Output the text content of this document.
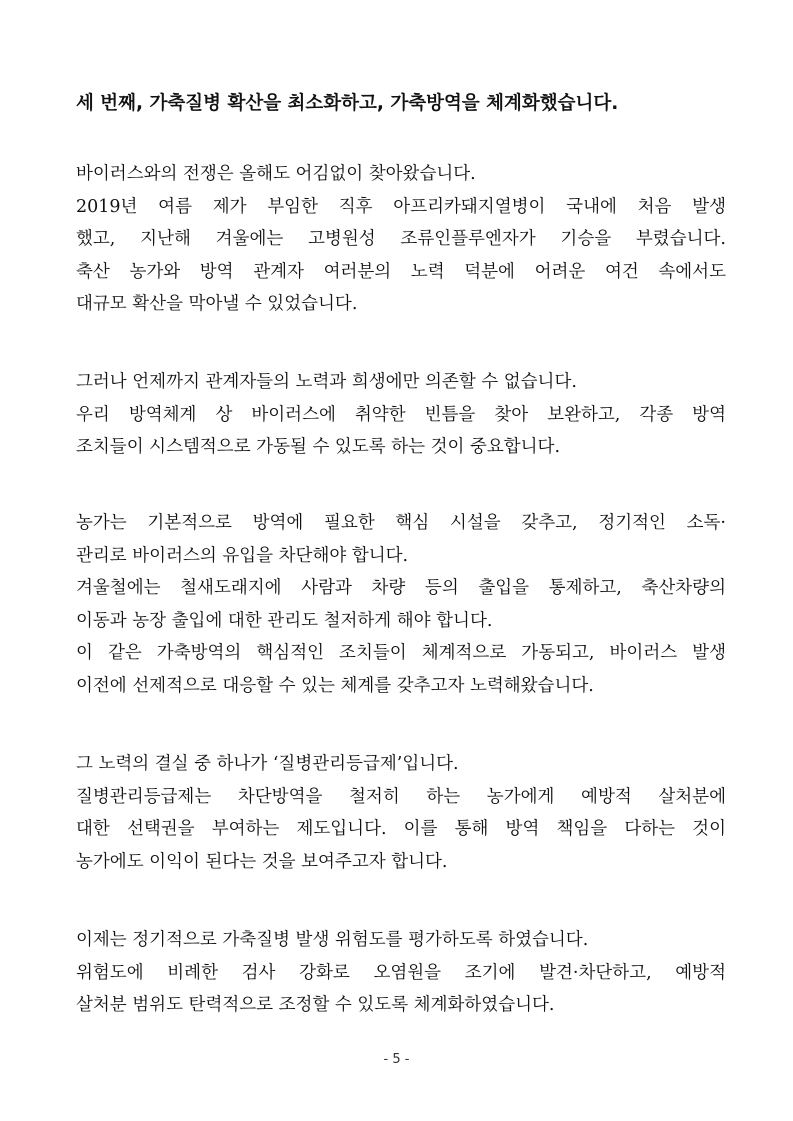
세 번째, 가축질병 확산을 최소화하고, 가축방역을 체계화했습니다.
바이러스와의 전쟁은 올해도 어김없이 찾아왔습니다.
2019년 여름 제가 부임한 직후 아프리카돼지열병이 국내에 처음 발생
했고, 지난해 겨울에는 고병원성 조류인플루엔자가 기승을 부렸습니다.
축산 농가와 방역 관계자 여러분의 노력 덕분에 어려운 여건 속에서도
대규모 확산을 막아낼 수 있었습니다.
그러나 언제까지 관계자들의 노력과 희생에만 의존할 수 없습니다.
우리 방역체계 상 바이러스에 취약한 빈틈을 찾아 보완하고, 각종 방역
조치들이 시스템적으로 가동될 수 있도록 하는 것이 중요합니다.
농가는 기본적으로 방역에 필요한 핵심 시설을 갖추고, 정기적인 소독·
관리로 바이러스의 유입을 차단해야 합니다.
겨울철에는 철새도래지에 사람과 차량 등의 출입을 통제하고, 축산차량의
이동과 농장 출입에 대한 관리도 철저하게 해야 합니다.
이 같은 가축방역의 핵심적인 조치들이 체계적으로 가동되고, 바이러스 발생
이전에 선제적으로 대응할 수 있는 체계를 갖추고자 노력해왔습니다.
그 노력의 결실 중 하나가 ‘질병관리등급제’입니다.
질병관리등급제는 차단방역을 철저히 하는 농가에게 예방적 살처분에
대한 선택권을 부여하는 제도입니다. 이를 통해 방역 책임을 다하는 것이
농가에도 이익이 된다는 것을 보여주고자 합니다.
이제는 정기적으로 가축질병 발생 위험도를 평가하도록 하였습니다.
위험도에 비례한 검사 강화로 오염원을 조기에 발견·차단하고, 예방적
살처분 범위도 탄력적으로 조정할 수 있도록 체계화하였습니다.
- 5 -
